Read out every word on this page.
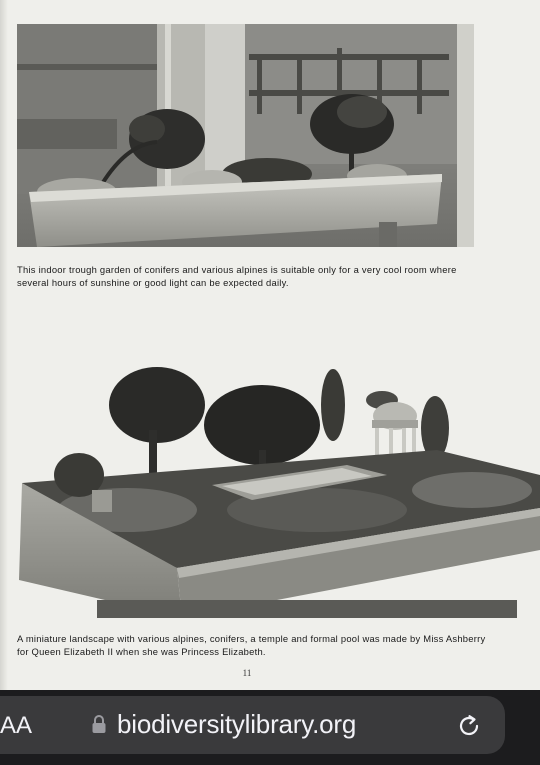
This indoor trough garden of conifers and various alpines is suitable only for a very cool room where several hours of sunshine or good light can be expected daily.

A miniature landscape with various alpines, conifers, a temple and formal pool was made by Miss Ashberry for Queen Elizabeth II when she was Princess Elizabeth.

11
AA	biodiversitylibrary.org
